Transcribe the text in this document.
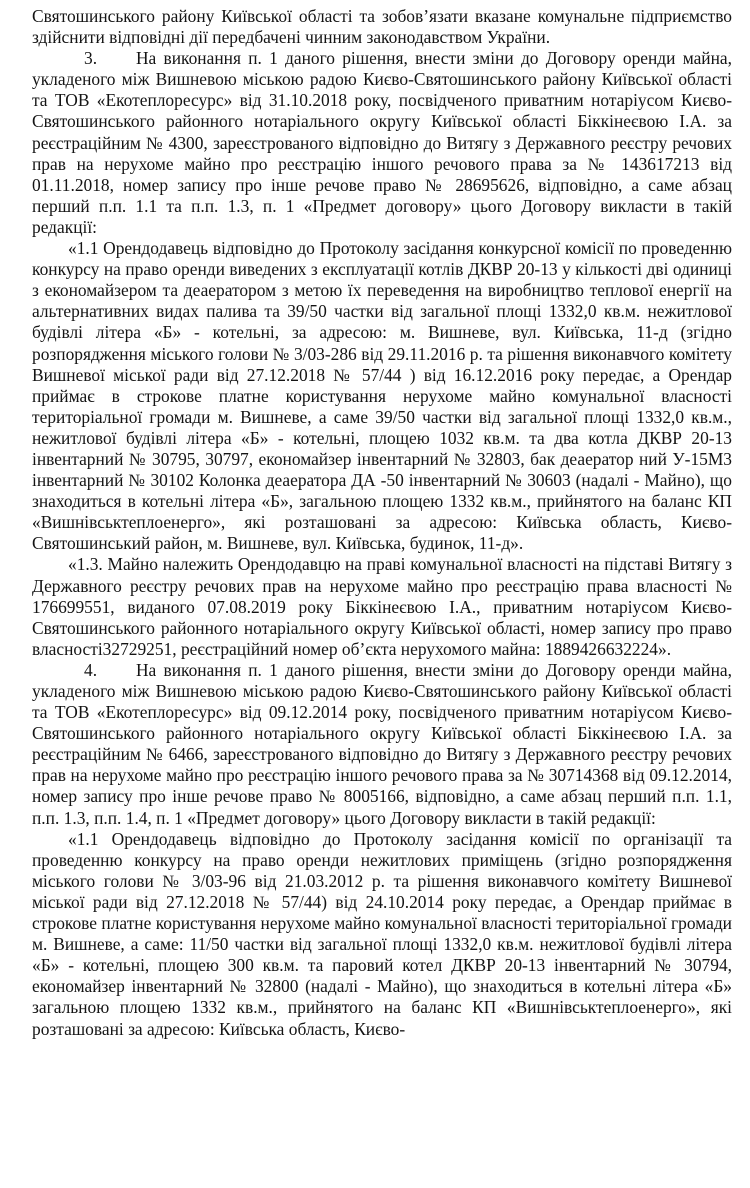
Святошинського району Київської області та зобов’язати вказане комунальне підприємство здійснити відповідні дії передбачені чинним законодавством України.

3. На виконання п. 1 даного рішення, внести зміни до Договору оренди майна, укладеного між Вишневою міською радою Києво-Святошинського району Київської області та ТОВ «Екотеплоресурс» від 31.10.2018 року, посвідченого приватним нотаріусом Києво-Святошинського районного нотаріального округу Київської області Біккінеєвою І.А. за реєстраційним № 4300, зареєстрованого відповідно до Витягу з Державного реєстру речових прав на нерухоме майно про реєстрацію іншого речового права за № 143617213 від 01.11.2018, номер запису про інше речове право № 28695626, відповідно, а саме абзац перший п.п. 1.1 та п.п. 1.3, п. 1 «Предмет договору» цього Договору викласти в такій редакції:

«1.1 Орендодавець відповідно до Протоколу засідання конкурсної комісії по проведенню конкурсу на право оренди виведених з експлуатації котлів ДКВР 20-13 у кількості дві одиниці з економайзером та деаератором з метою їх переведення на виробництво теплової енергії на альтернативних видах палива та 39/50 частки від загальної площі 1332,0 кв.м. нежитлової будівлі літера «Б» - котельні, за адресою: м. Вишневе, вул. Київська, 11-д (згідно розпорядження міського голови № 3/03-286 від 29.11.2016 р. та рішення виконавчого комітету Вишневої міської ради від 27.12.2018 № 57/44 ) від 16.12.2016 року передає, а Орендар приймає в строкове платне користування нерухоме майно комунальної власності територіальної громади м. Вишневе, а саме 39/50 частки від загальної площі 1332,0 кв.м., нежитлової будівлі літера «Б» - котельні, площею 1032 кв.м. та два котла ДКВР 20-13 інвентарний № 30795, 30797, економайзер інвентарний № 32803, бак деаератор ний У-15М3 інвентарний № 30102 Колонка деаератора ДА -50 інвентарний № 30603 (надалі - Майно), що знаходиться в котельні літера «Б», загальною площею 1332 кв.м., прийнятого на баланс КП «Вишнівськтеплоенерго», які розташовані за адресою: Київська область, Києво-Святошинський район, м. Вишневе, вул. Київська, будинок, 11-д».

«1.3. Майно належить Орендодавцю на праві комунальної власності на підставі Витягу з Державного реєстру речових прав на нерухоме майно про реєстрацію права власності № 176699551, виданого 07.08.2019 року Біккінеєвою І.А., приватним нотаріусом Києво-Святошинського районного нотаріального округу Київської області, номер запису про право власності32729251, реєстраційний номер об’єкта нерухомого майна: 1889426632224».

4. На виконання п. 1 даного рішення, внести зміни до Договору оренди майна, укладеного між Вишневою міською радою Києво-Святошинського району Київської області та ТОВ «Екотеплоресурс» від 09.12.2014 року, посвідченого приватним нотаріусом Києво-Святошинського районного нотаріального округу Київської області Біккінеєвою І.А. за реєстраційним № 6466, зареєстрованого відповідно до Витягу з Державного реєстру речових прав на нерухоме майно про реєстрацію іншого речового права за № 30714368 від 09.12.2014, номер запису про інше речове право № 8005166, відповідно, а саме абзац перший п.п. 1.1, п.п. 1.3, п.п. 1.4, п. 1 «Предмет договору» цього Договору викласти в такій редакції:

«1.1 Орендодавець відповідно до Протоколу засідання комісії по організації та проведенню конкурсу на право оренди нежитлових приміщень (згідно розпорядження міського голови № 3/03-96 від 21.03.2012 р. та рішення виконавчого комітету Вишневої міської ради від 27.12.2018 № 57/44) від 24.10.2014 року передає, а Орендар приймає в строкове платне користування нерухоме майно комунальної власності територіальної громади м. Вишневе, а саме: 11/50 частки від загальної площі 1332,0 кв.м. нежитлової будівлі літера «Б» - котельні, площею 300 кв.м. та паровий котел ДКВР 20-13 інвентарний № 30794, економайзер інвентарний № 32800 (надалі - Майно), що знаходиться в котельні літера «Б» загальною площею 1332 кв.м., прийнятого на баланс КП «Вишнівськтеплоенерго», які розташовані за адресою: Київська область, Києво-
